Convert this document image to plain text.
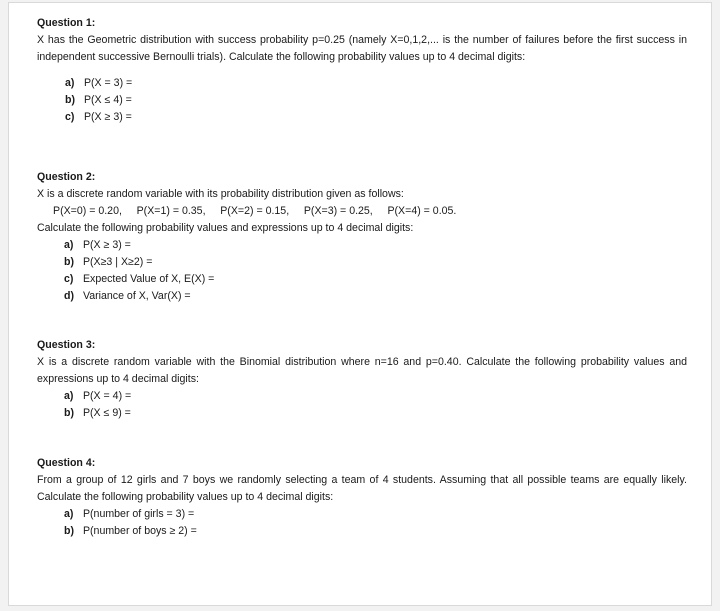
Question 1:

X has the Geometric distribution with success probability p=0.25 (namely X=0,1,2,... is the number of failures before the first success in independent successive Bernoulli trials). Calculate the following probability values up to 4 decimal digits:

a) P(X = 3) =
b) P(X ≤ 4) =
c) P(X ≥ 3) =

Question 2:

X is a discrete random variable with its probability distribution given as follows:

P(X=0) = 0.20,     P(X=1) = 0.35,     P(X=2) = 0.15,     P(X=3) = 0.25,     P(X=4) = 0.05.

Calculate the following probability values and expressions up to 4 decimal digits:

a) P(X ≥ 3) =
b) P(X≥3 | X≥2) =
c) Expected Value of X, E(X) =
d) Variance of X, Var(X) =

Question 3:

X is a discrete random variable with the Binomial distribution where n=16 and p=0.40. Calculate the following probability values and expressions up to 4 decimal digits:

a) P(X = 4) =
b) P(X ≤ 9) =

Question 4:

From a group of 12 girls and 7 boys we randomly selecting a team of 4 students. Assuming that all possible teams are equally likely. Calculate the following probability values up to 4 decimal digits:

a) P(number of girls = 3) =
b) P(number of boys ≥ 2) =
